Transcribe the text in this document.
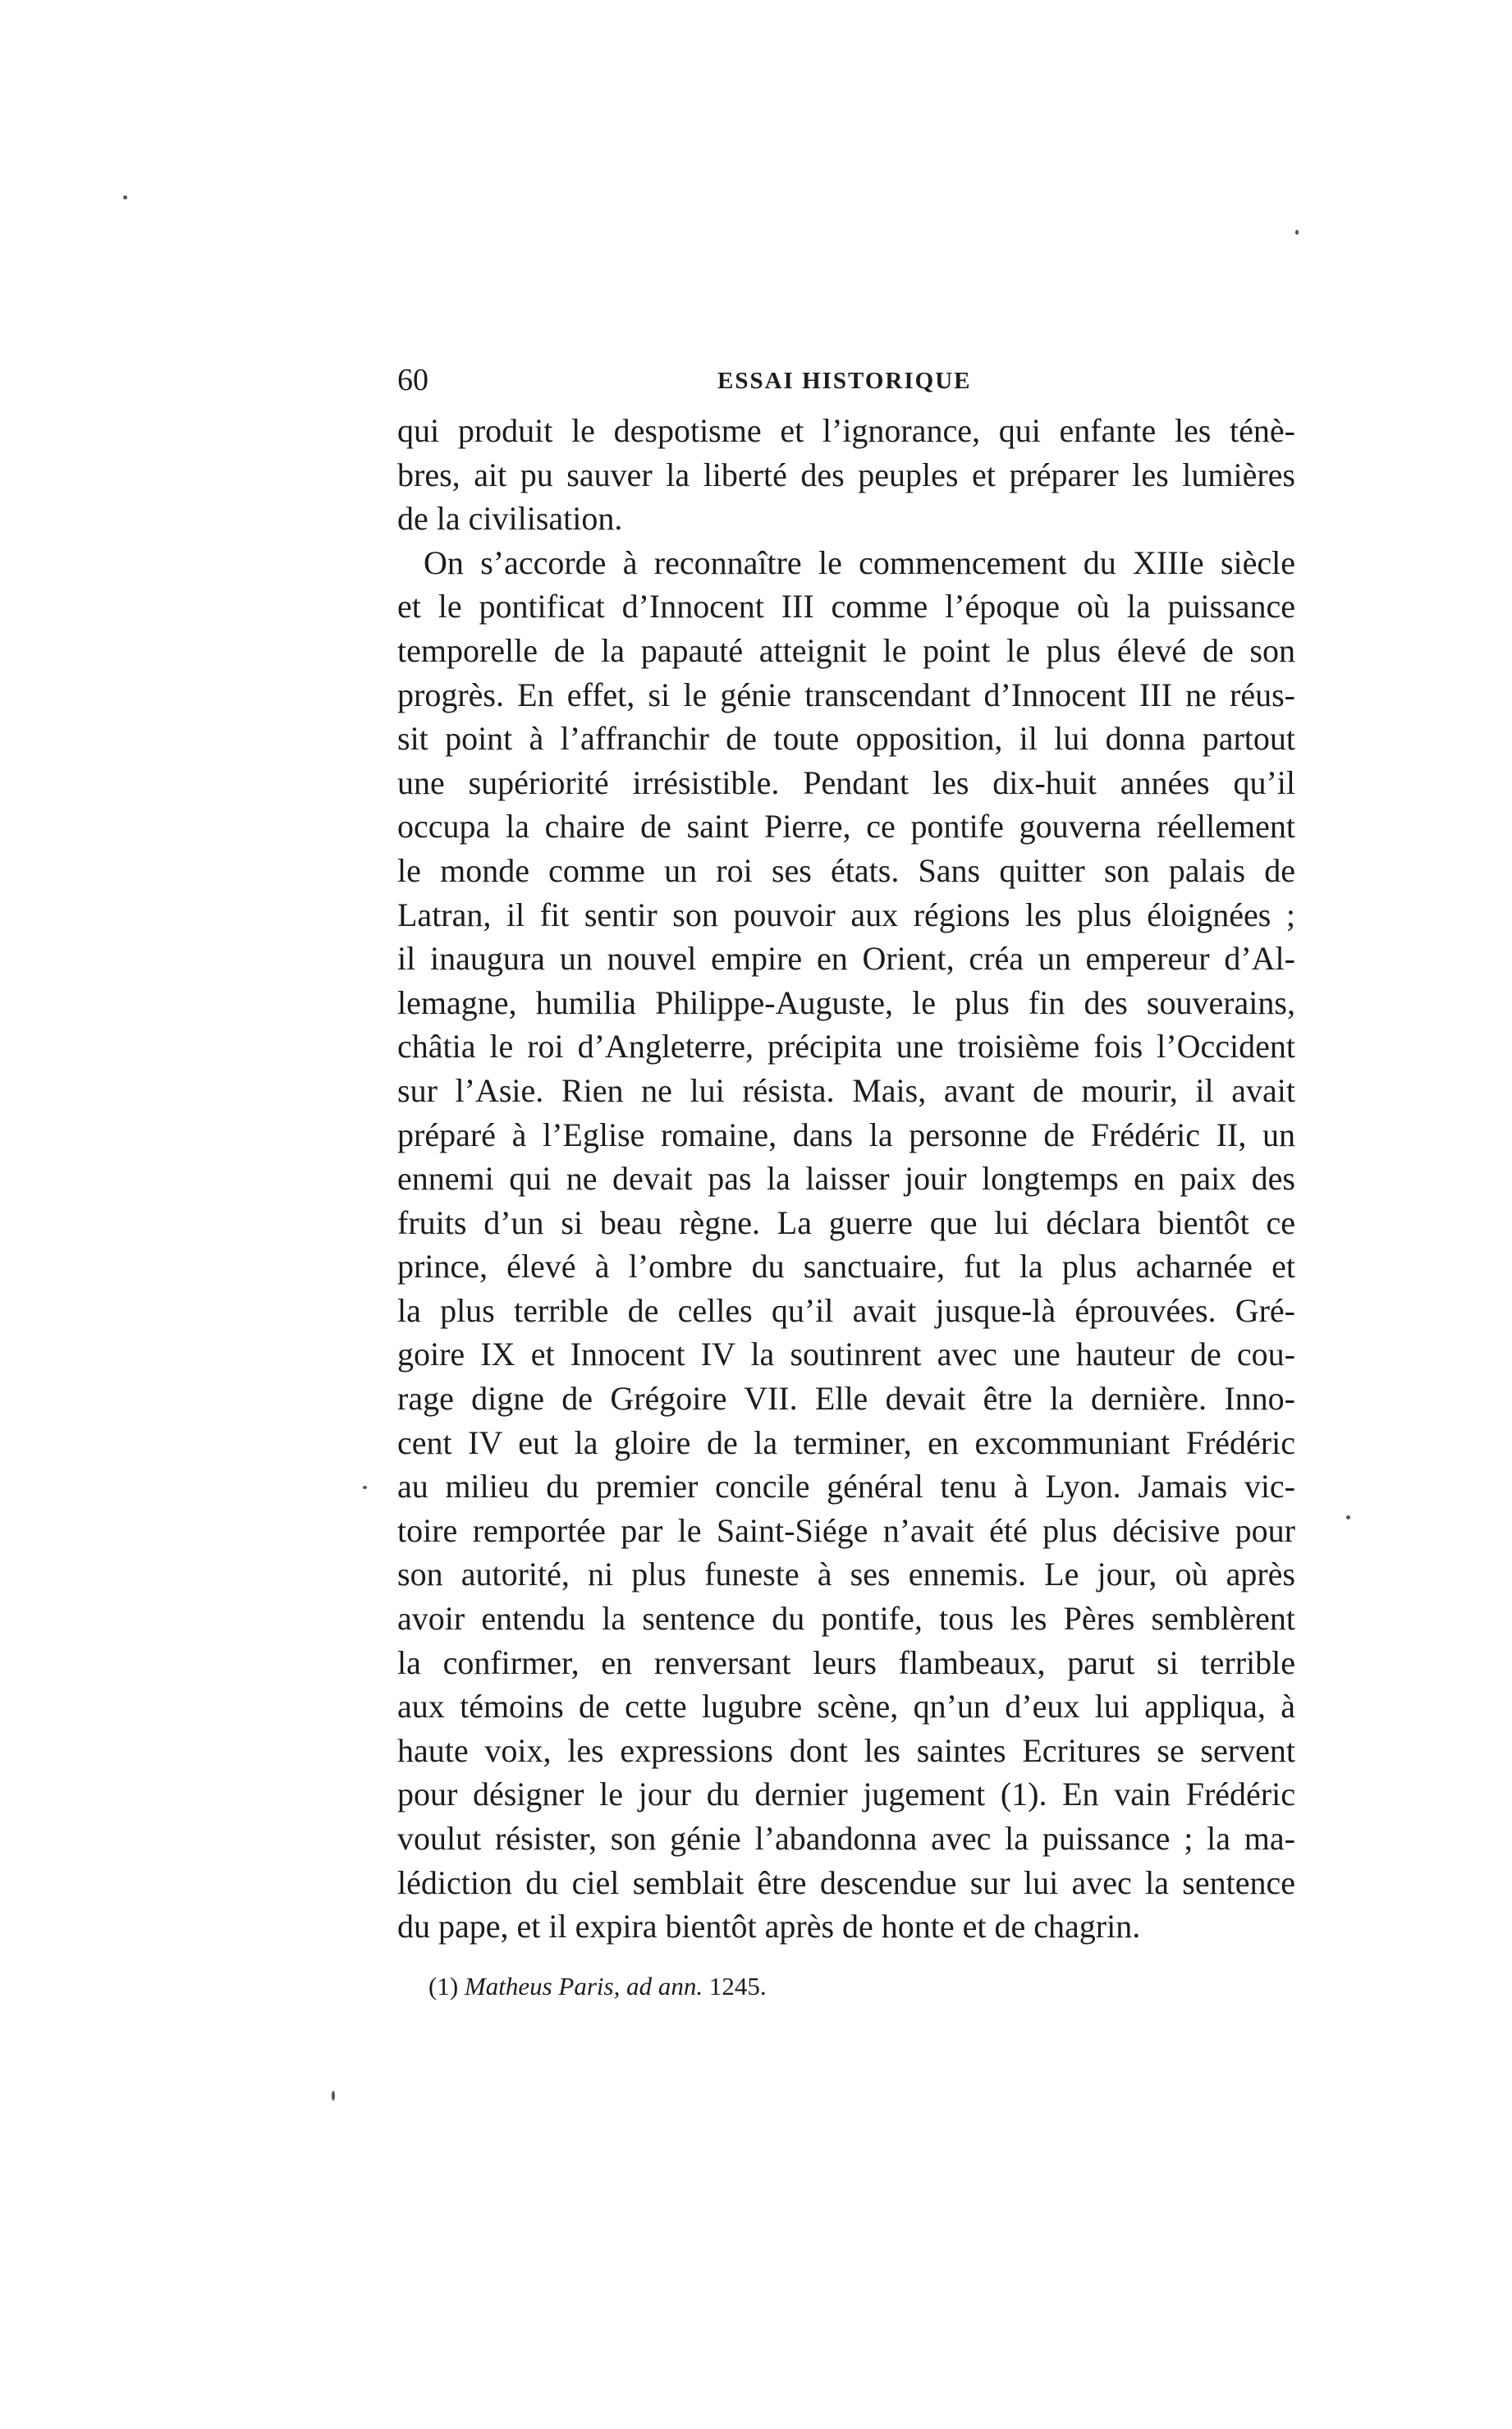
60	ESSAI HISTORIQUE
qui produit le despotisme et l’ignorance, qui enfante les ténè-
bres, ait pu sauver la liberté des peuples et préparer les lumières
de la civilisation.
On s’accorde à reconnaître le commencement du XIIIe siècle
et le pontificat d’Innocent III comme l’époque où la puissance
temporelle de la papauté atteignit le point le plus élevé de son
progrès. En effet, si le génie transcendant d’Innocent III ne réus-
sit point à l’affranchir de toute opposition, il lui donna partout
une supériorité irrésistible. Pendant les dix-huit années qu’il
occupa la chaire de saint Pierre, ce pontife gouverna réellement
le monde comme un roi ses états. Sans quitter son palais de
Latran, il fit sentir son pouvoir aux régions les plus éloignées ;
il inaugura un nouvel empire en Orient, créa un empereur d’Al-
lemagne, humilia Philippe-Auguste, le plus fin des souverains,
châtia le roi d’Angleterre, précipita une troisième fois l’Occident
sur l’Asie. Rien ne lui résista. Mais, avant de mourir, il avait
préparé à l’Eglise romaine, dans la personne de Frédéric II, un
ennemi qui ne devait pas la laisser jouir longtemps en paix des
fruits d’un si beau règne. La guerre que lui déclara bientôt ce
prince, élevé à l’ombre du sanctuaire, fut la plus acharnée et
la plus terrible de celles qu’il avait jusque-là éprouvées. Gré-
goire IX et Innocent IV la soutinrent avec une hauteur de cou-
rage digne de Grégoire VII. Elle devait être la dernière. Inno-
cent IV eut la gloire de la terminer, en excommuniant Frédéric
au milieu du premier concile général tenu à Lyon. Jamais vic-
toire remportée par le Saint-Siége n’avait été plus décisive pour
son autorité, ni plus funeste à ses ennemis. Le jour, où après
avoir entendu la sentence du pontife, tous les Pères semblèrent
la confirmer, en renversant leurs flambeaux, parut si terrible
aux témoins de cette lugubre scène, qn’un d’eux lui appliqua, à
haute voix, les expressions dont les saintes Ecritures se servent
pour désigner le jour du dernier jugement (1). En vain Frédéric
voulut résister, son génie l’abandonna avec la puissance ; la ma-
lédiction du ciel semblait être descendue sur lui avec la sentence
du pape, et il expira bientôt après de honte et de chagrin.
(1) Matheus Paris, ad ann. 1245.
